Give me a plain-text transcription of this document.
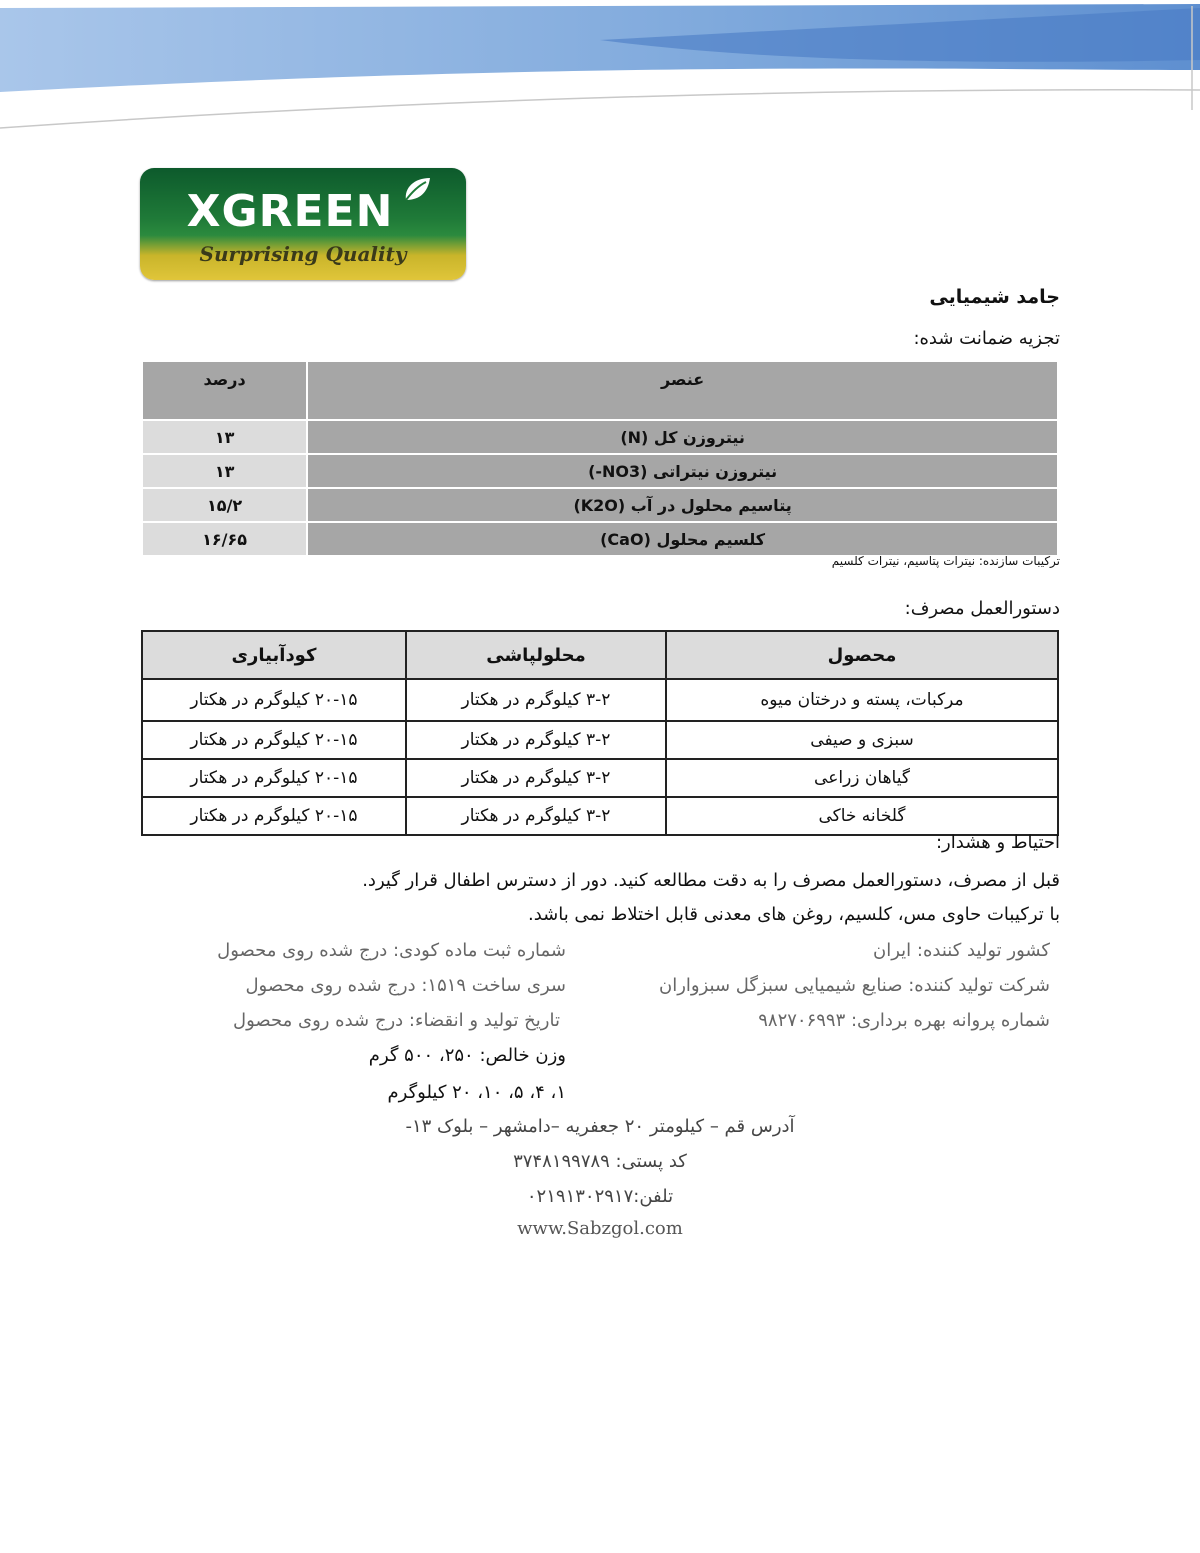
XGREEN
Surprising Quality
جامد شیمیایی
تجزیه ضمانت شده:
عنصر	درصد
نیتروزن کل (N)	۱۳
نیتروزن نیتراتی (NO3-)	۱۳
پتاسیم محلول در آب (K2O)	۱۵/۲
کلسیم محلول (CaO)	۱۶/۶۵
ترکیبات سازنده: نیترات پتاسیم، نیترات کلسیم
دستورالعمل مصرف:
محصول	محلولپاشی	کودآبیاری
مرکبات، پسته و درختان میوه	۳-۲ کیلوگرم در هکتار	۲۰-۱۵ کیلوگرم در هکتار
سبزی و صیفی	۳-۲ کیلوگرم در هکتار	۲۰-۱۵ کیلوگرم در هکتار
گیاهان زراعی	۳-۲ کیلوگرم در هکتار	۲۰-۱۵ کیلوگرم در هکتار
گلخانه خاکی	۳-۲ کیلوگرم در هکتار	۲۰-۱۵ کیلوگرم در هکتار
احتیاط و هشدار:
قبل از مصرف، دستورالعمل مصرف را به دقت مطالعه کنید. دور از دسترس اطفال قرار گیرد.
با ترکیبات حاوی مس، کلسیم، روغن های معدنی قابل اختلاط نمی باشد.
کشور تولید کننده: ایران
شرکت تولید کننده: صنایع شیمیایی سبزگل سبزواران
شماره پروانه بهره برداری: ۹۸۲۷۰۶۹۹۳
شماره ثبت ماده کودی: درج شده روی محصول
سری ساخت ۱۵۱۹: درج شده روی محصول
تاریخ تولید و انقضاء: درج شده روی محصول
وزن خالص: ۲۵۰، ۵۰۰ گرم
۱، ۴، ۵، ۱۰، ۲۰ کیلوگرم
آدرس قم – کیلومتر ۲۰ جعفریه –دامشهر – بلوک ۱۳-
کد پستی: ۳۷۴۸۱۹۹۷۸۹
تلفن:۰۲۱۹۱۳۰۲۹۱۷
www.Sabzgol.com
